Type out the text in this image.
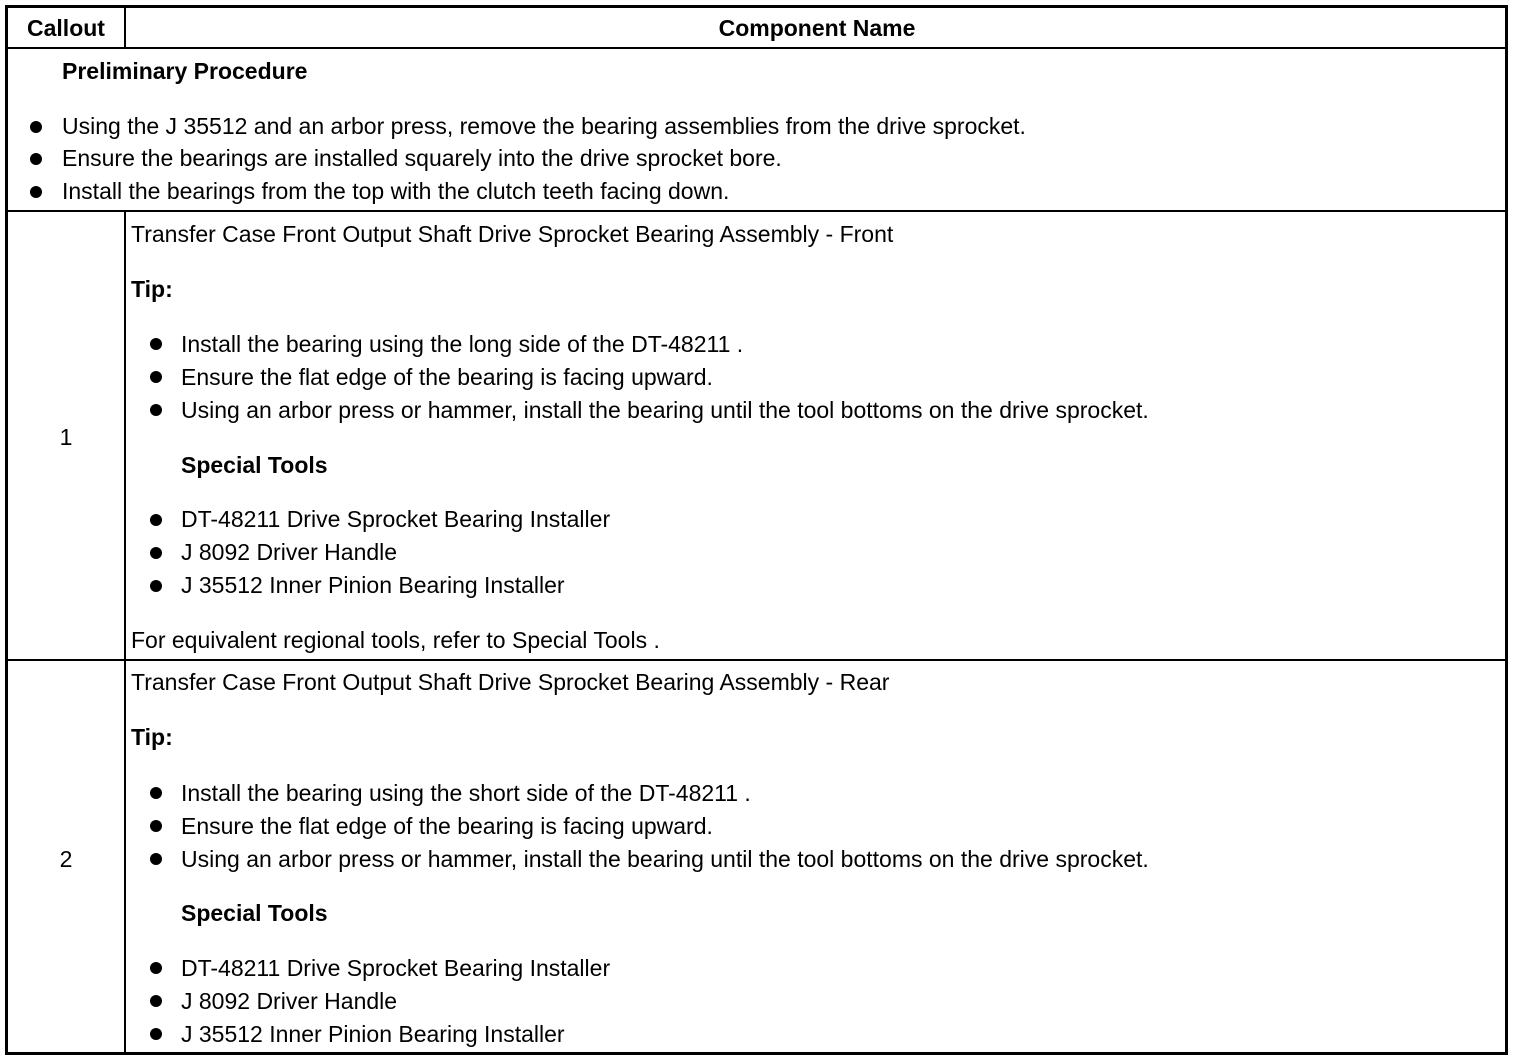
Callout	Component Name
Preliminary Procedure
Using the J 35512 and an arbor press, remove the bearing assemblies from the drive sprocket.
Ensure the bearings are installed squarely into the drive sprocket bore.
Install the bearings from the top with the clutch teeth facing down.
1
Transfer Case Front Output Shaft Drive Sprocket Bearing Assembly - Front
Tip:
Install the bearing using the long side of the DT-48211 .
Ensure the flat edge of the bearing is facing upward.
Using an arbor press or hammer, install the bearing until the tool bottoms on the drive sprocket.
Special Tools
DT-48211 Drive Sprocket Bearing Installer
J 8092 Driver Handle
J 35512 Inner Pinion Bearing Installer
For equivalent regional tools, refer to Special Tools .
2
Transfer Case Front Output Shaft Drive Sprocket Bearing Assembly - Rear
Tip:
Install the bearing using the short side of the DT-48211 .
Ensure the flat edge of the bearing is facing upward.
Using an arbor press or hammer, install the bearing until the tool bottoms on the drive sprocket.
Special Tools
DT-48211 Drive Sprocket Bearing Installer
J 8092 Driver Handle
J 35512 Inner Pinion Bearing Installer
